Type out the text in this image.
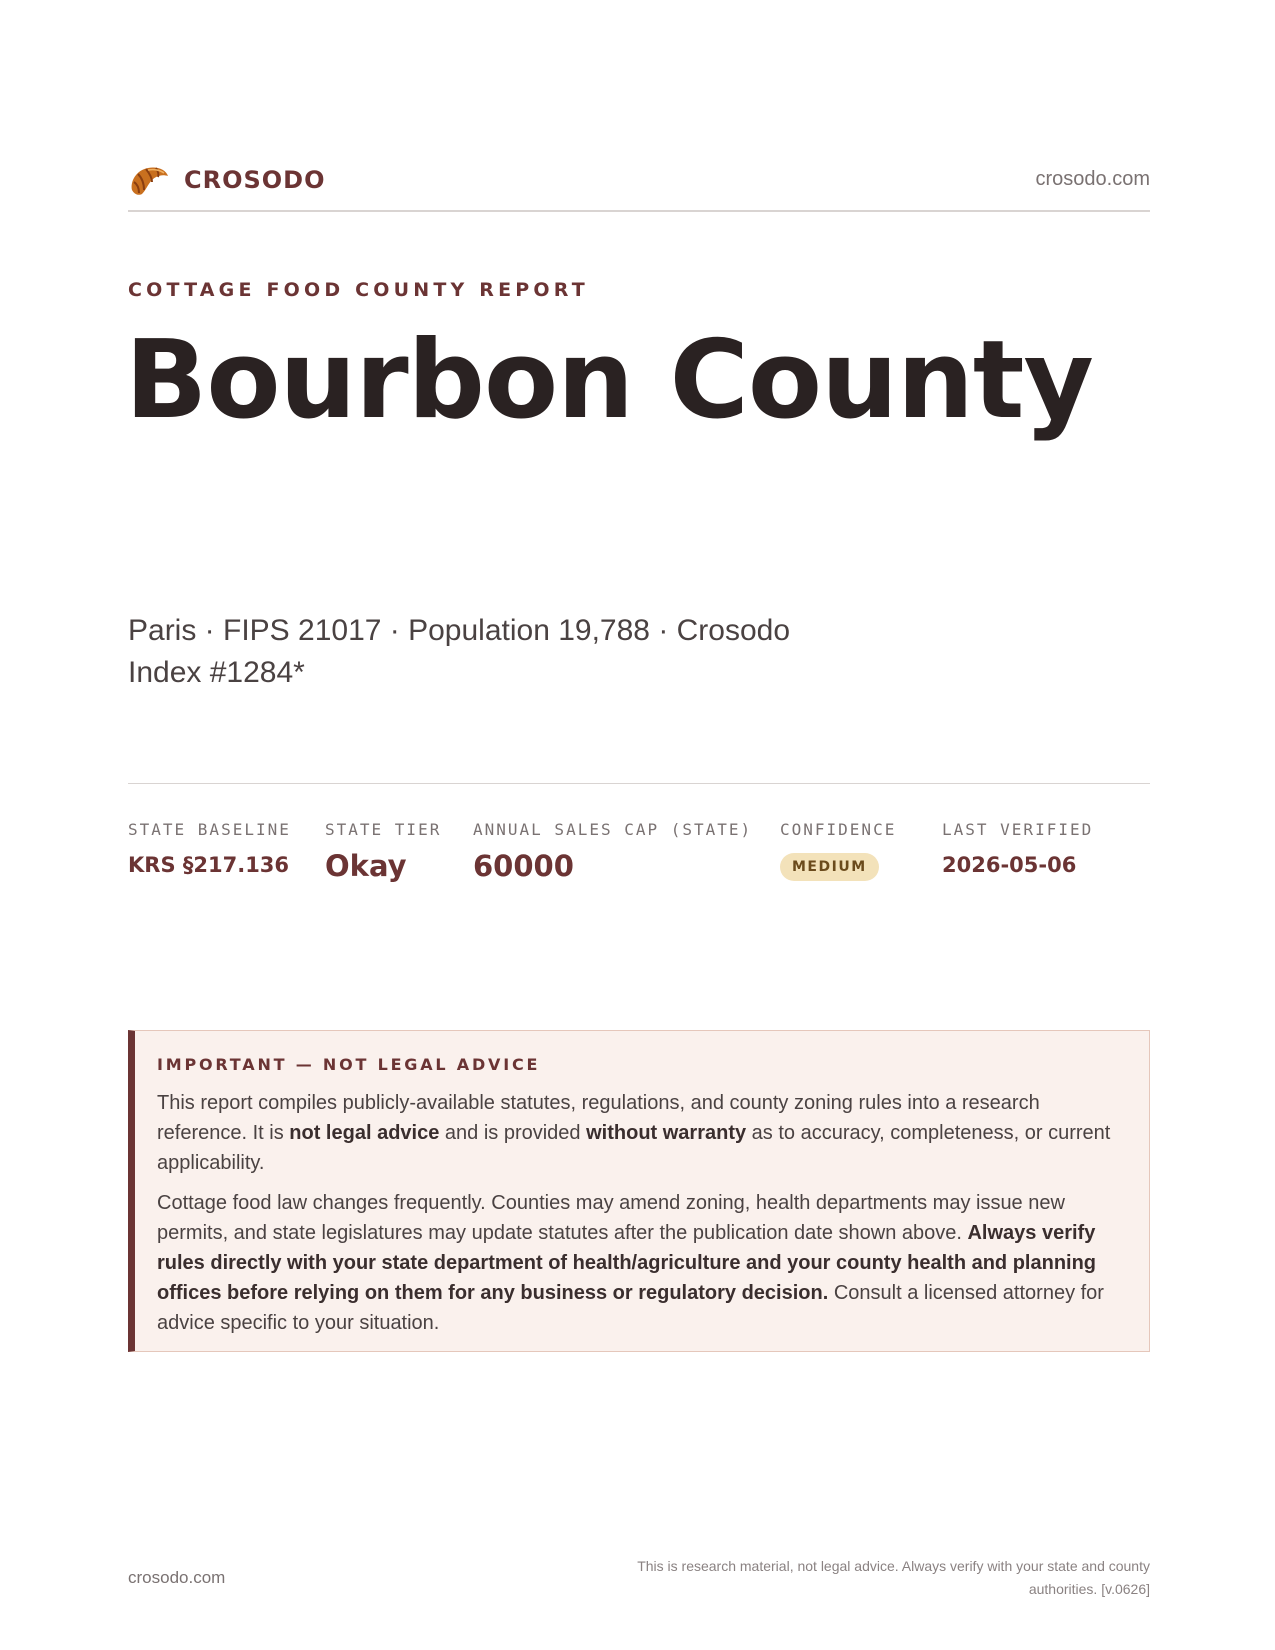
CROSODO	crosodo.com
COTTAGE FOOD COUNTY REPORT
Bourbon County
Paris · FIPS 21017 · Population 19,788 · Crosodo Index #1284*
STATE BASELINE
KRS §217.136
STATE TIER
Okay
ANNUAL SALES CAP (STATE)
60000
CONFIDENCE
MEDIUM
LAST VERIFIED
2026-05-06
IMPORTANT — NOT LEGAL ADVICE

This report compiles publicly-available statutes, regulations, and county zoning rules into a research reference. It is not legal advice and is provided without warranty as to accuracy, completeness, or current applicability.

Cottage food law changes frequently. Counties may amend zoning, health departments may issue new permits, and state legislatures may update statutes after the publication date shown above. Always verify rules directly with your state department of health/agriculture and your county health and planning offices before relying on them for any business or regulatory decision. Consult a licensed attorney for advice specific to your situation.

crosodo.com
This is research material, not legal advice. Always verify with your state and county authorities. [v.0626]
